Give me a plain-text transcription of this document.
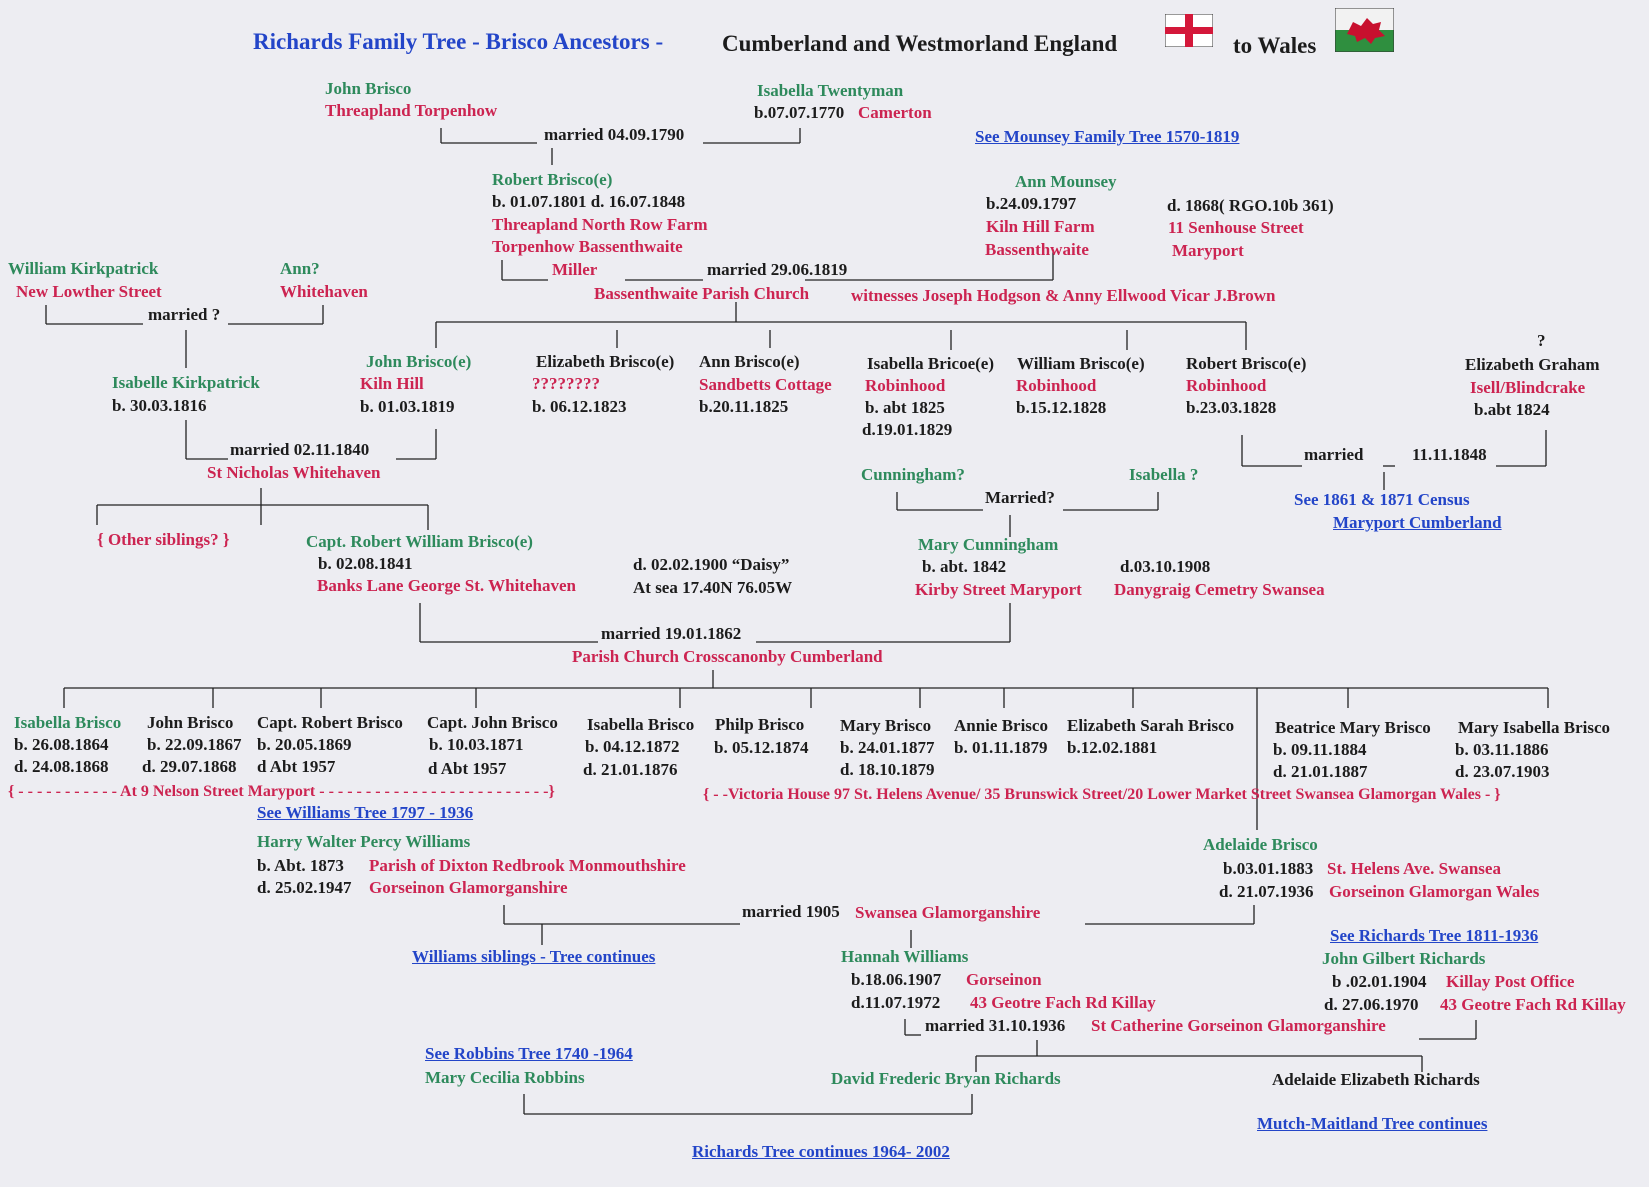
Richards Family Tree - Brisco Ancestors -	Cumberland and Westmorland England	to Wales
John Brisco
Threapland Torpenhow
Isabella Twentyman
b.07.07.1770 Camerton
married 04.09.1790	See Mounsey Family Tree 1570-1819
Robert Brisco(e)
b. 01.07.1801 d. 16.07.1848
Threapland North Row Farm
Torpenhow Bassenthwaite
Miller
Ann Mounsey
b.24.09.1797
Kiln Hill Farm
Bassenthwaite
d. 1868( RGO.10b 361)
11 Senhouse Street
Maryport
married 29.06.1819
Bassenthwaite Parish Church witnesses Joseph Hodgson & Anny Ellwood Vicar J.Brown
William Kirkpatrick
New Lowther Street
Ann?
Whitehaven
married ?
Isabelle Kirkpatrick
b. 30.03.1816
John Brisco(e)
Kiln Hill
b. 01.03.1819
Elizabeth Brisco(e)
????????
b. 06.12.1823
Ann Brisco(e)
Sandbetts Cottage
b.20.11.1825
Isabella Bricoe(e)
Robinhood
b. abt 1825
d.19.01.1829
William Brisco(e)
Robinhood
b.15.12.1828
Robert Brisco(e)
Robinhood
b.23.03.1828
?
Elizabeth Graham
Isell/Blindcrake
b.abt 1824
married	11.11.1848
See 1861 & 1871 Census
Maryport Cumberland
married 02.11.1840
St Nicholas Whitehaven
{ Other siblings? }
Cunningham?	Isabella ?
Married?
Capt. Robert William Brisco(e)
b. 02.08.1841
Banks Lane George St. Whitehaven
d. 02.02.1900 “Daisy”
At sea 17.40N 76.05W
Mary Cunningham
b. abt. 1842
Kirby Street Maryport
d.03.10.1908
Danygraig Cemetry Swansea
married 19.01.1862
Parish Church Crosscanonby Cumberland
Isabella Brisco
b. 26.08.1864
d. 24.08.1868
John Brisco
b. 22.09.1867
d. 29.07.1868
Capt. Robert Brisco
b. 20.05.1869
d Abt 1957
Capt. John Brisco
b. 10.03.1871
d Abt 1957
Isabella Brisco
b. 04.12.1872
d. 21.01.1876
Philp Brisco
b. 05.12.1874
Mary Brisco
b. 24.01.1877
d. 18.10.1879
Annie Brisco
b. 01.11.1879
Elizabeth Sarah Brisco
b.12.02.1881
Beatrice Mary Brisco
b. 09.11.1884
d. 21.01.1887
Mary Isabella Brisco
b. 03.11.1886
d. 23.07.1903
{ - - - - - - - - - - - At 9 Nelson Street Maryport - - - - - - - - - - - - - - - - - - - - - - - - -}	{ - -Victoria House 97 St. Helens Avenue/ 35 Brunswick Street/20 Lower Market Street Swansea Glamorgan Wales - }
See Williams Tree 1797 - 1936
Harry Walter Percy Williams
b. Abt. 1873 Parish of Dixton Redbrook Monmouthshire
d. 25.02.1947 Gorseinon Glamorganshire
Adelaide Brisco
b.03.01.1883 St. Helens Ave. Swansea
d. 21.07.1936 Gorseinon Glamorgan Wales
married 1905 Swansea Glamorganshire
Williams siblings - Tree continues	Hannah Williams
b.18.06.1907 Gorseinon
d.11.07.1972 43 Geotre Fach Rd Killay
See Richards Tree 1811-1936
John Gilbert Richards
b .02.01.1904 Killay Post Office
d. 27.06.1970 43 Geotre Fach Rd Killay
married 31.10.1936 St Catherine Gorseinon Glamorganshire
See Robbins Tree 1740 -1964
Mary Cecilia Robbins	David Frederic Bryan Richards	Adelaide Elizabeth Richards
Mutch-Maitland Tree continues
Richards Tree continues 1964- 2002
